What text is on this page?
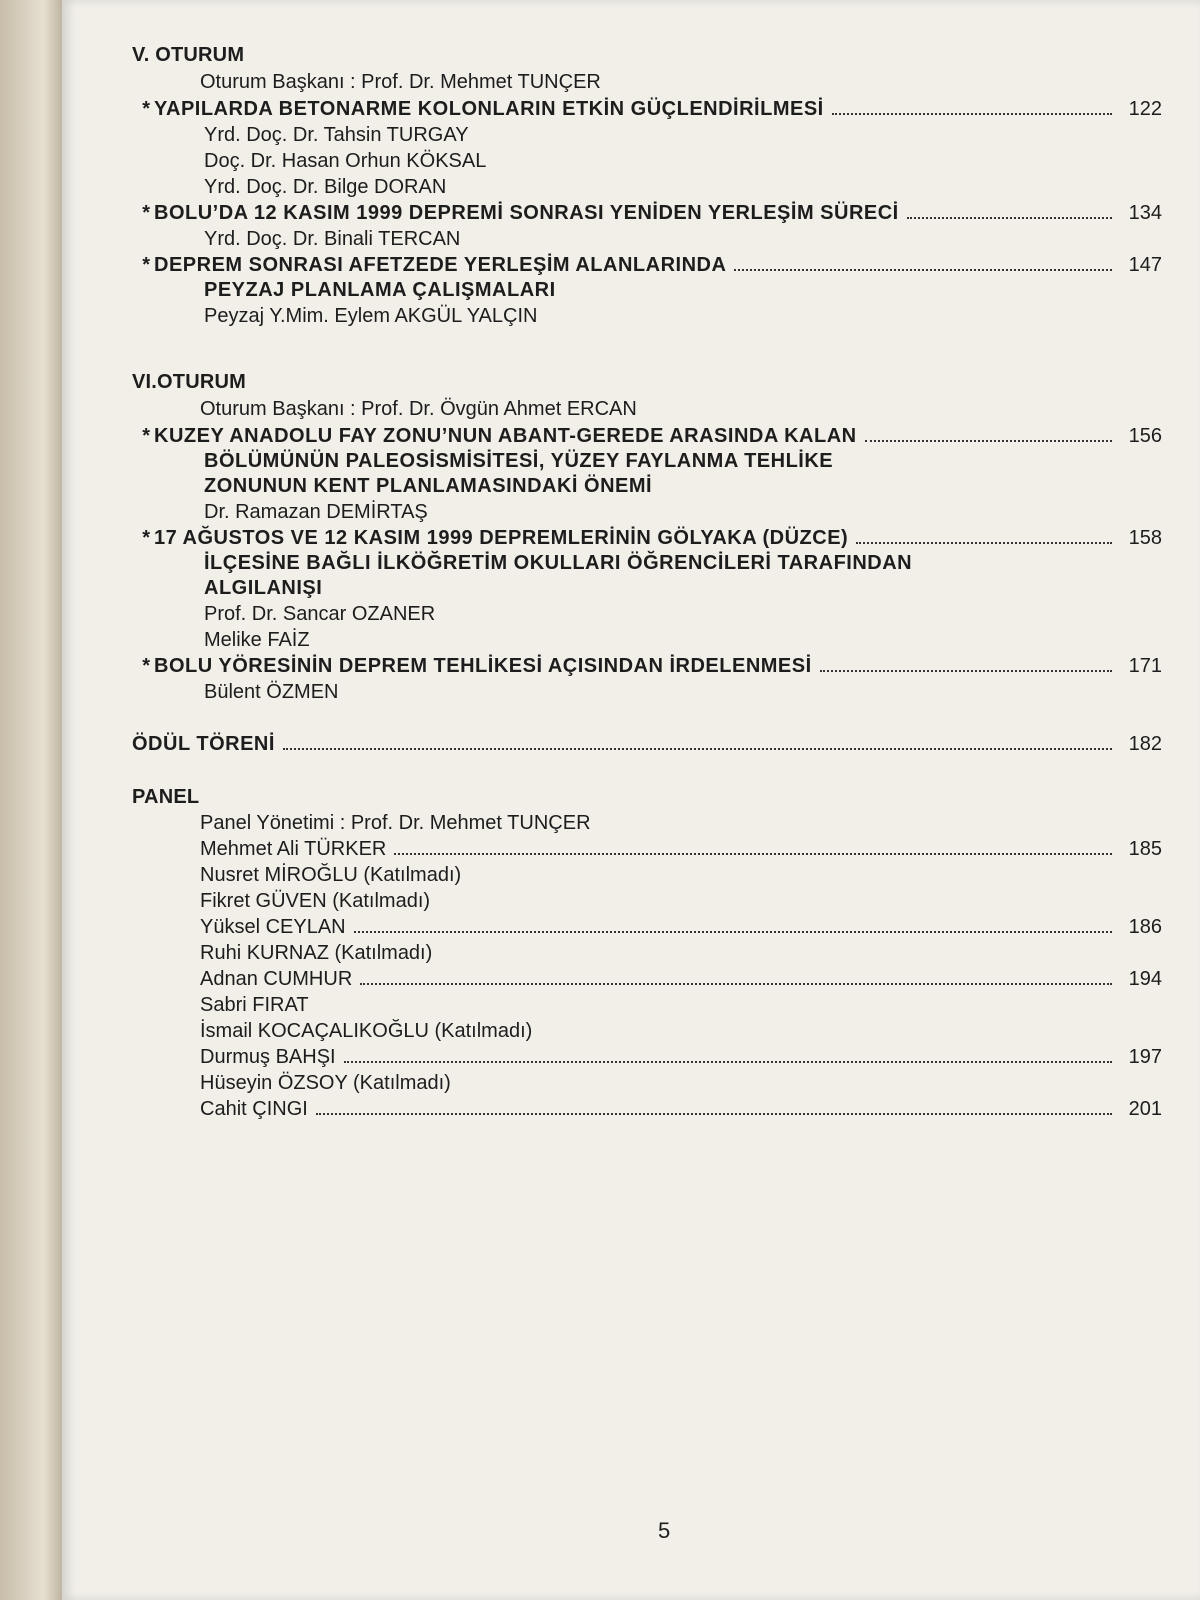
V. OTURUM

Oturum Başkanı : Prof. Dr. Mehmet TUNÇER
* YAPILARDA BETONARME KOLONLARIN ETKİN GÜÇLENDİRİLMESİ	122
Yrd. Doç. Dr. Tahsin TURGAY
Doç. Dr. Hasan Orhun KÖKSAL
Yrd. Doç. Dr. Bilge DORAN
* BOLU’DA 12 KASIM 1999 DEPREMİ SONRASI YENİDEN YERLEŞİM SÜRECİ	134
Yrd. Doç. Dr. Binali TERCAN
* DEPREM SONRASI AFETZEDE YERLEŞİM ALANLARINDA	147
PEYZAJ PLANLAMA ÇALIŞMALARI
Peyzaj Y.Mim. Eylem AKGÜL YALÇIN

VI.OTURUM

Oturum Başkanı : Prof. Dr. Övgün Ahmet ERCAN
* KUZEY ANADOLU FAY ZONU’NUN ABANT-GEREDE ARASINDA KALAN	156
BÖLÜMÜNÜN PALEOSİSMİSİTESİ, YÜZEY FAYLANMA TEHLİKE
ZONUNUN KENT PLANLAMASINDAKİ ÖNEMİ
Dr. Ramazan DEMİRTAŞ
* 17 AĞUSTOS VE 12 KASIM 1999 DEPREMLERİNİN GÖLYAKA (DÜZCE)	158
İLÇESİNE BAĞLI İLKÖĞRETİM OKULLARI ÖĞRENCİLERİ TARAFINDAN
ALGILANIŞI
Prof. Dr. Sancar OZANER
Melike FAİZ
* BOLU YÖRESİNİN DEPREM TEHLİKESİ AÇISINDAN İRDELENMESİ	171
Bülent ÖZMEN
ÖDÜL TÖRENİ	182

PANEL

Panel Yönetimi : Prof. Dr. Mehmet TUNÇER
Mehmet Ali TÜRKER	185
Nusret MİROĞLU (Katılmadı)
Fikret GÜVEN (Katılmadı)
Yüksel CEYLAN	186
Ruhi KURNAZ (Katılmadı)
Adnan CUMHUR	194
Sabri FIRAT
İsmail KOCAÇALIKOĞLU (Katılmadı)
Durmuş BAHŞI	197
Hüseyin ÖZSOY (Katılmadı)
Cahit ÇINGI	201
5
